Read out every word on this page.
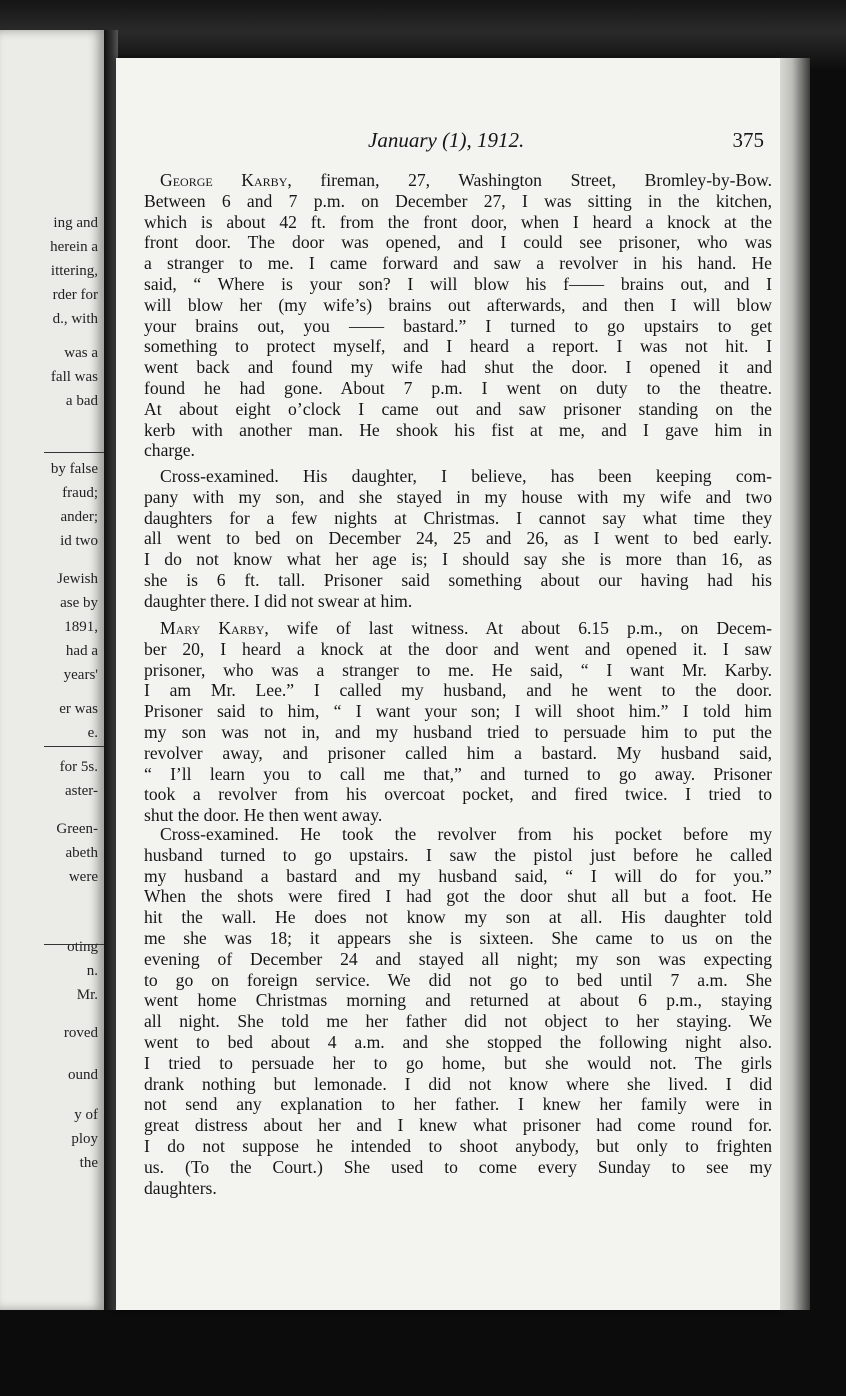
ing and
herein a
ittering,
rder for
d., with
was a
fall was
a bad
by false
fraud;
ander;
id two
Jewish
ase by
1891,
had a
years'
er was
e.
for 5s.
aster-
Green-
abeth
were
oting
n.
Mr.
roved
ound
y of
ploy
the
January (1), 1912.	375
George Karby, fireman, 27, Washington Street, Bromley-by-Bow.
Between 6 and 7 p.m. on December 27, I was sitting in the kitchen,
which is about 42 ft. from the front door, when I heard a knock at the
front door. The door was opened, and I could see prisoner, who was
a stranger to me. I came forward and saw a revolver in his hand. He
said, “ Where is your son? I will blow his f—— brains out, and I
will blow her (my wife’s) brains out afterwards, and then I will blow
your brains out, you —— bastard.” I turned to go upstairs to get
something to protect myself, and I heard a report. I was not hit. I
went back and found my wife had shut the door. I opened it and
found he had gone. About 7 p.m. I went on duty to the theatre.
At about eight o’clock I came out and saw prisoner standing on the
kerb with another man. He shook his fist at me, and I gave him in
charge.
Cross-examined. His daughter, I believe, has been keeping com-
pany with my son, and she stayed in my house with my wife and two
daughters for a few nights at Christmas. I cannot say what time they
all went to bed on December 24, 25 and 26, as I went to bed early.
I do not know what her age is; I should say she is more than 16, as
she is 6 ft. tall. Prisoner said something about our having had his
daughter there. I did not swear at him.
Mary Karby, wife of last witness. At about 6.15 p.m., on Decem-
ber 20, I heard a knock at the door and went and opened it. I saw
prisoner, who was a stranger to me. He said, “ I want Mr. Karby.
I am Mr. Lee.” I called my husband, and he went to the door.
Prisoner said to him, “ I want your son; I will shoot him.” I told him
my son was not in, and my husband tried to persuade him to put the
revolver away, and prisoner called him a bastard. My husband said,
“ I’ll learn you to call me that,” and turned to go away. Prisoner
took a revolver from his overcoat pocket, and fired twice. I tried to
shut the door. He then went away.
Cross-examined. He took the revolver from his pocket before my
husband turned to go upstairs. I saw the pistol just before he called
my husband a bastard and my husband said, “ I will do for you.”
When the shots were fired I had got the door shut all but a foot. He
hit the wall. He does not know my son at all. His daughter told
me she was 18; it appears she is sixteen. She came to us on the
evening of December 24 and stayed all night; my son was expecting
to go on foreign service. We did not go to bed until 7 a.m. She
went home Christmas morning and returned at about 6 p.m., staying
all night. She told me her father did not object to her staying. We
went to bed about 4 a.m. and she stopped the following night also.
I tried to persuade her to go home, but she would not. The girls
drank nothing but lemonade. I did not know where she lived. I did
not send any explanation to her father. I knew her family were in
great distress about her and I knew what prisoner had come round for.
I do not suppose he intended to shoot anybody, but only to frighten
us. (To the Court.) She used to come every Sunday to see my
daughters.
